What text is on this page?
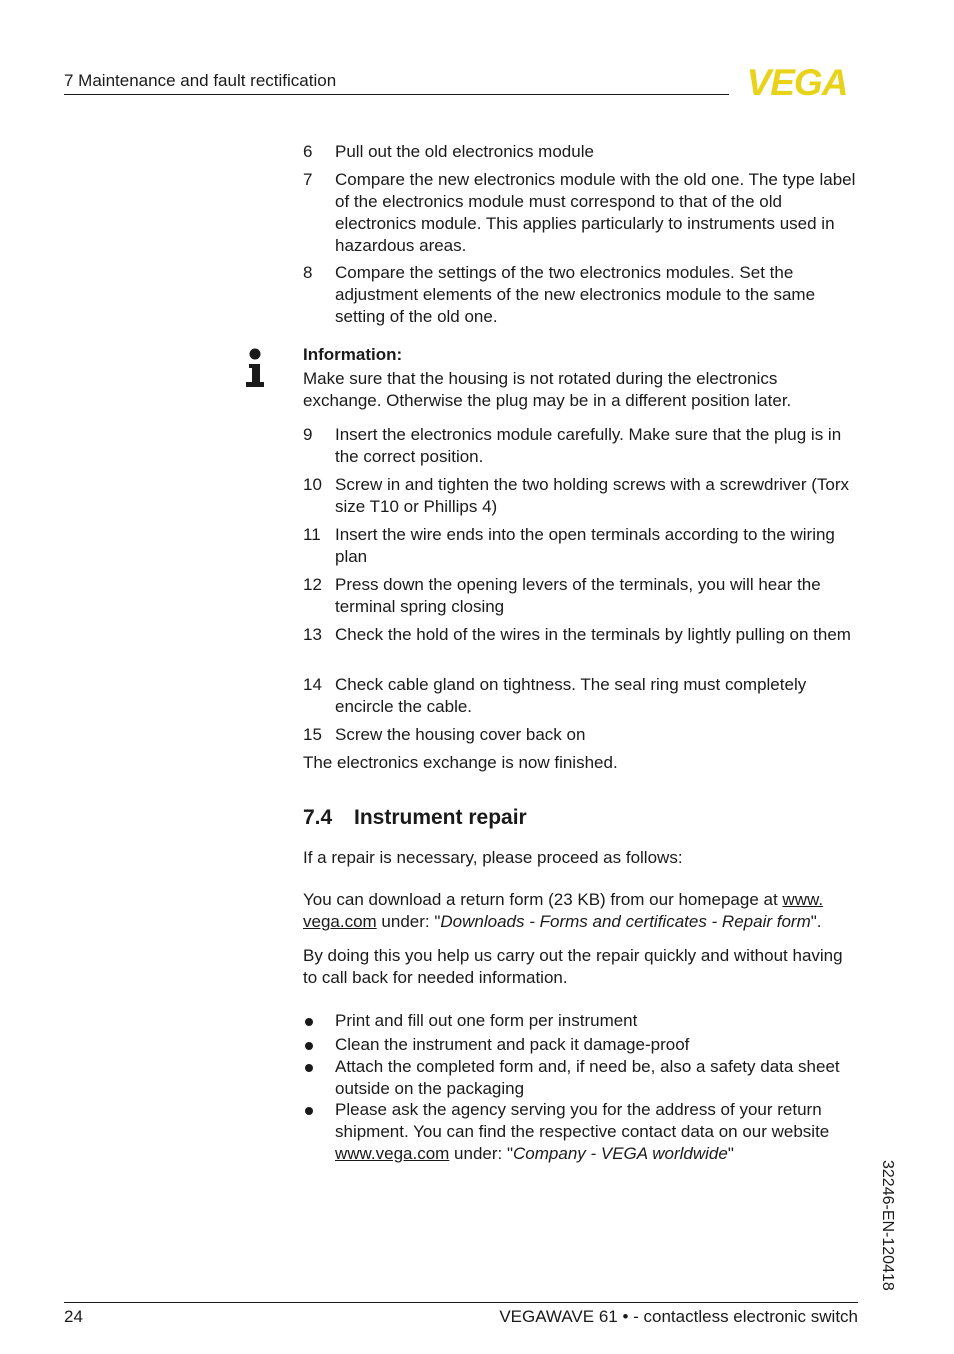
7 Maintenance and fault rectification	VEGA
6	Pull out the old electronics module
7	Compare the new electronics module with the old one. The type label of the electronics module must correspond to that of the old electronics module. This applies particularly to instruments used in hazardous areas.
8	Compare the settings of the two electronics modules. Set the adjustment elements of the new electronics module to the same setting of the old one.
Information:
Make sure that the housing is not rotated during the electronics exchange. Otherwise the plug may be in a different position later.
9	Insert the electronics module carefully. Make sure that the plug is in the correct position.
10 Screw in and tighten the two holding screws with a screwdriver (Torx size T10 or Phillips 4)
11 Insert the wire ends into the open terminals according to the wiring plan
12 Press down the opening levers of the terminals, you will hear the terminal spring closing
13 Check the hold of the wires in the terminals by lightly pulling on them
14 Check cable gland on tightness. The seal ring must completely encircle the cable.
15 Screw the housing cover back on
The electronics exchange is now finished.
7.4 Instrument repair
If a repair is necessary, please proceed as follows:
You can download a return form (23 KB) from our homepage at www.
vega.com under: "Downloads - Forms and certificates - Repair form".
By doing this you help us carry out the repair quickly and without having to call back for needed information.
Print and fill out one form per instrument
Clean the instrument and pack it damage-proof
Attach the completed form and, if need be, also a safety data sheet outside on the packaging
Please ask the agency serving you for the address of your return shipment. You can find the respective contact data on our website www.vega.com under: "Company - VEGA worldwide"
32246-EN-120418
24	VEGAWAVE 61 • - contactless electronic switch
